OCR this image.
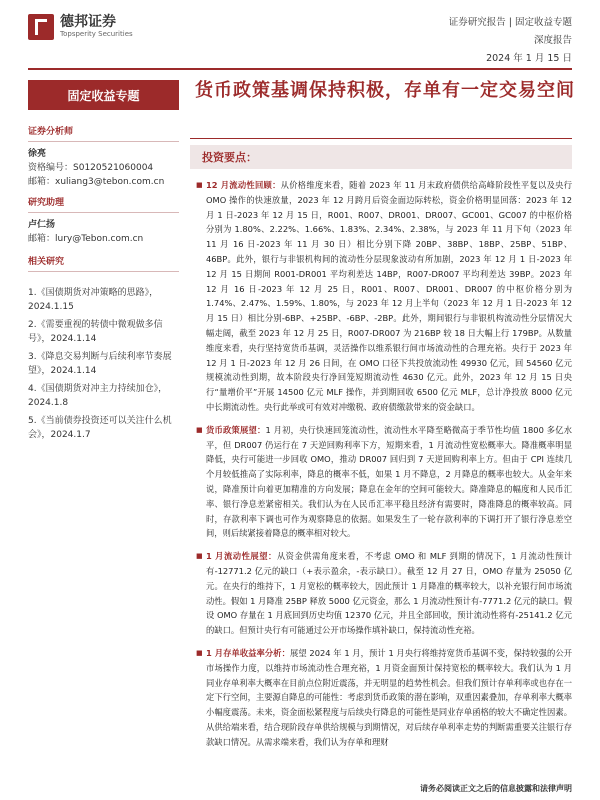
德邦证券
Topsperity Securities
证券研究报告 | 固定收益专题
深度报告
2024 年 1 月 15 日
固定收益专题
证券分析师
徐亮
资格编号：S0120521060004
邮箱：xuliang3@tebon.com.cn
研究助理
卢仁扬
邮箱：lury@Tebon.com.cn
相关研究
1.《国债期货对冲策略的思路》，2024.1.15
2.《需要重视的转债中微观做多信号》，2024.1.14
3.《降息交易判断与后续利率节奏展望》，2024.1.14
4.《国债期货对冲主力持续加仓》，2024.1.8
5.《当前债券投资还可以关注什么机会》，2024.1.7
货币政策基调保持积极，存单有一定交易空间
投资要点：
■ 12 月流动性回顾：从价格维度来看，随着 2023 年 11 月末政府债供给高峰阶段性平复以及央行 OMO 操作的快速放量，2023 年 12 月跨月后资金面边际转松，资金价格明显回落：2023 年 12 月 1 日-2023 年 12 月 15 日，R001、R007、DR001、DR007、GC001、GC007 的中枢价格分别为 1.80%、2.22%、1.66%、1.83%、2.34%、2.38%，与 2023 年 11 月下旬（2023 年 11 月 16 日-2023 年 11 月 30 日）相比分别下降 20BP、38BP、18BP、25BP、51BP、46BP。此外，银行与非银机构间的流动性分层现象波动有所加剧，2023 年 12 月 1 日-2023 年 12 月 15 日期间 R001-DR001 平均利差达 14BP，R007-DR007 平均利差达 39BP。2023 年 12 月 16 日-2023 年 12 月 25 日，R001、R007、DR001、DR007 的中枢价格分别为 1.74%、2.47%、1.59%、1.80%，与 2023 年 12 月上半旬（2023 年 12 月 1 日-2023 年 12 月 15 日）相比分别-6BP、+25BP、-6BP、-2BP。此外，期间银行与非银机构流动性分层情况大幅走阔，截至 2023 年 12 月 25 日，R007-DR007 为 216BP 较 18 日大幅上行 179BP。从数量维度来看，央行坚持宽货币基调，灵活操作以维系银行间市场流动性的合理充裕。央行于 2023 年 12 月 1 日-2023 年 12 月 26 日间，在 OMO 口径下共投放流动性 49930 亿元，回 54560 亿元规模流动性到期，故本阶段央行净回笼短期流动性 4630 亿元。此外，2023 年 12 月 15 日央行“量增价平”开展 14500 亿元 MLF 操作，并到期回收 6500 亿元 MLF，总计净投放 8000 亿元中长期流动性。央行此举或可有效对冲缴税、政府债缴款带来的资金缺口。
■ 货币政策展望：1 月初，央行快速回笼流动性，流动性水平降至略微高于季节性均值 1800 多亿水平，但 DR007 仍运行在 7 天逆回购利率下方，短期来看，1 月流动性宽松概率大。降准概率明显降低，央行可能进一步回收 OMO，推动 DR007 回归到 7 天逆回购利率上方。但由于 CPI 连续几个月较低推高了实际利率，降息的概率不低，如果 1 月不降息，2 月降息的概率也较大。从金年来说，降准预计向着更加精准的方向发展；降息在金年的空间可能较大。降准降息的幅度和人民币汇率、银行净息差紧密相关。我们认为在人民币汇率平稳且经济有需要时，降准降息的概率较高。同时，存款利率下调也可作为观察降息的依据。如果发生了一轮存款利率的下调打开了银行净息差空间，则后续紧接着降息的概率相对较大。
■ 1 月流动性展望：从资金供需角度来看，不考虑 OMO 和 MLF 到期的情况下，1 月流动性预计有-12771.2 亿元的缺口（+表示盈余，-表示缺口）。截至 12 月 27 日，OMO 存量为 25050 亿元。在央行的维持下，1 月宽松的概率较大，因此预计 1 月降准的概率较大，以补充银行间市场流动性。假如 1 月降准 25BP 释放 5000 亿元资金，那么 1 月流动性预计有-7771.2 亿元的缺口。假设 OMO 存量在 1 月底回到历史均值 12370 亿元，并且全部回收，预计流动性将有-25141.2 亿元的缺口。但预计央行有可能通过公开市场操作填补缺口，保持流动性充裕。
■ 1 月存单收益率分析：展望 2024 年 1 月，预计 1 月央行将维持宽货币基调不变，保持较强的公开市场操作力度，以维持市场流动性合理充裕，1 月资金面预计保持宽松的概率较大。我们认为 1 月同业存单利率大概率在目前点位附近震荡，并无明显的趋势性机会。但我们预计存单利率或也存在一定下行空间，主要源自降息的可能性：考虑到货币政策的潜在影响，双重因素叠加，存单利率大概率小幅度震荡。未来，资金面松紧程度与后续央行降息的可能性是同业存单函格的较大不确定性因素。从供给端来看，结合现阶段存单供给规模与到期情况，对后续存单利率走势的判断需重要关注银行存款缺口情况。从需求端来看，我们认为存单和理财
请务必阅读正文之后的信息披露和法律声明
